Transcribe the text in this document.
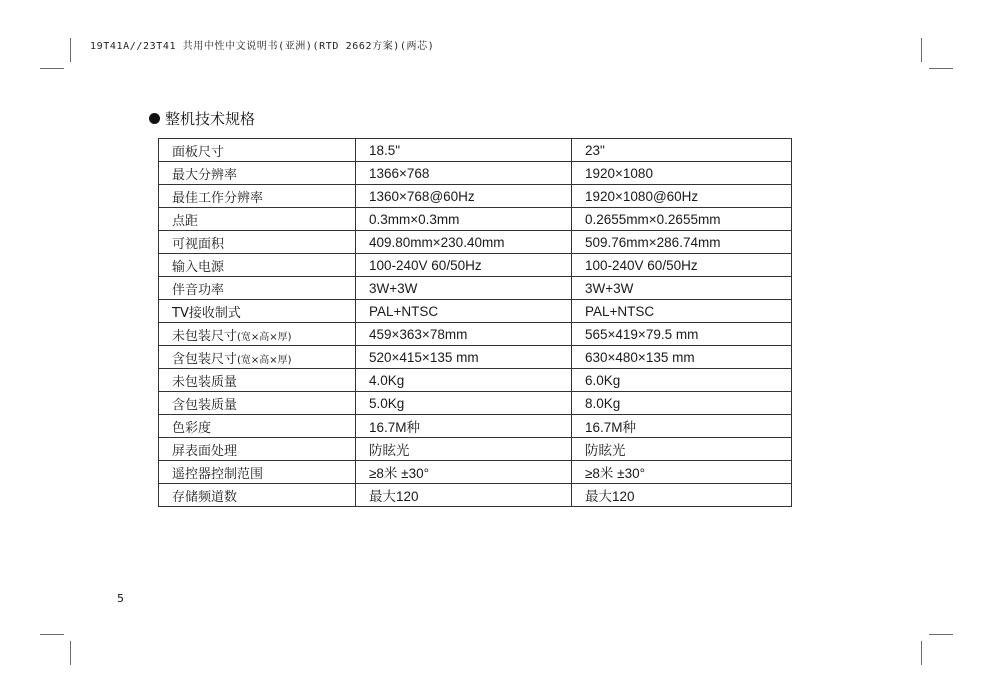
19T41A//23T41 共用中性中文说明书(亚洲)(RTD 2662方案)(两芯)
整机技术规格
面板尺寸	18.5"	23"
最大分辨率	1366×768	1920×1080
最佳工作分辨率	1360×768@60Hz	1920×1080@60Hz
点距	0.3mm×0.3mm	0.2655mm×0.2655mm
可视面积	409.80mm×230.40mm	509.76mm×286.74mm
输入电源	100-240V 60/50Hz	100-240V 60/50Hz
伴音功率	3W+3W	3W+3W
TV接收制式	PAL+NTSC	PAL+NTSC
未包装尺寸(宽×高×厚)	459×363×78mm	565×419×79.5 mm
含包装尺寸(宽×高×厚)	520×415×135 mm	630×480×135 mm
未包装质量	4.0Kg	6.0Kg
含包装质量	5.0Kg	8.0Kg
色彩度	16.7M种	16.7M种
屏表面处理	防眩光	防眩光
遥控器控制范围	≥8米 ±30°	≥8米 ±30°
存储频道数	最大120	最大120
5
